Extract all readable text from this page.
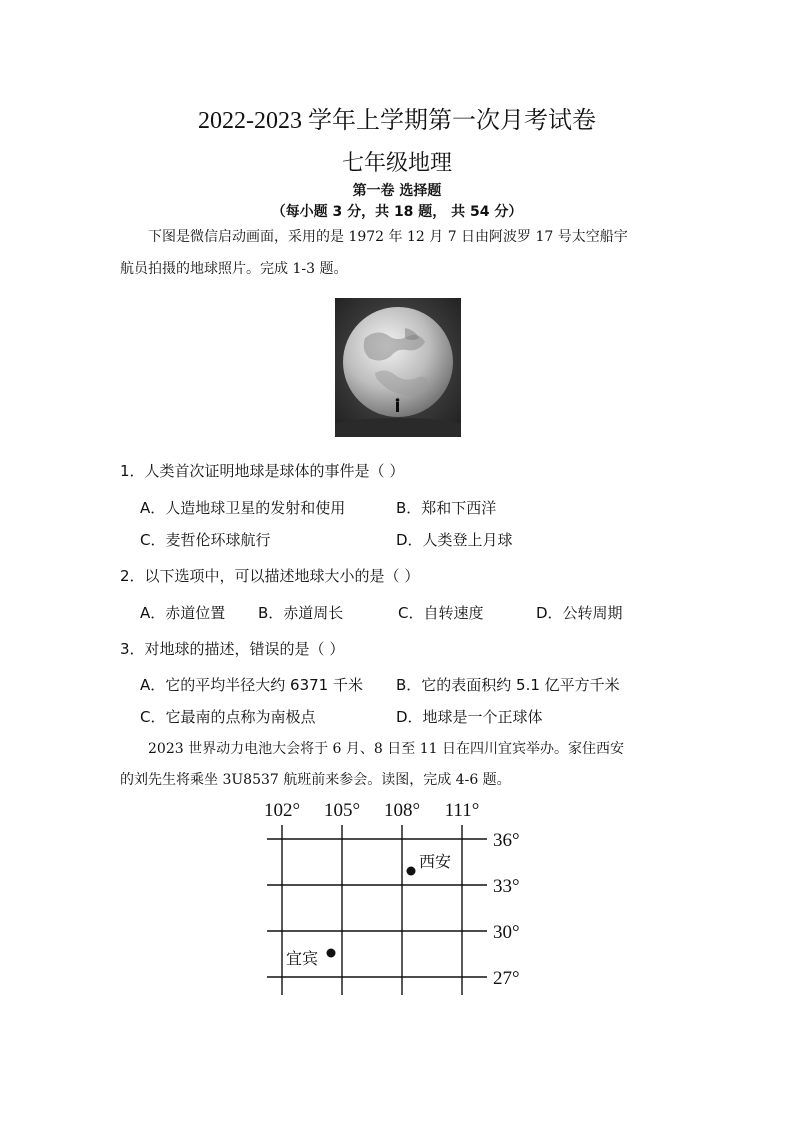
2022-2023 学年上学期第一次月考试卷
七年级地理
第一卷 选择题
（每小题 3 分，共 18 题， 共 54 分）
下图是微信启动画面，采用的是 1972 年 12 月 7 日由阿波罗 17 号太空船宇
航员拍摄的地球照片。完成 1-3 题。
1．人类首次证明地球是球体的事件是（ ）
A．人造地球卫星的发射和使用	B．郑和下西洋
C．麦哲伦环球航行	D．人类登上月球
2．以下选项中，可以描述地球大小的是（ ）
A．赤道位置 B．赤道周长	C．自转速度	D．公转周期
3．对地球的描述，错误的是（ ）
A．它的平均半径大约 6371 千米 B．它的表面积约 5.1 亿平方千米
C．它最南的点称为南极点	D．地球是一个正球体
2023 世界动力电池大会将于 6 月、8 日至 11 日在四川宜宾举办。家住西安
的刘先生将乘坐 3U8537 航班前来参会。读图，完成 4-6 题。
102° 105° 108° 111°
36°
33°
30°
27°
西安
宜宾
